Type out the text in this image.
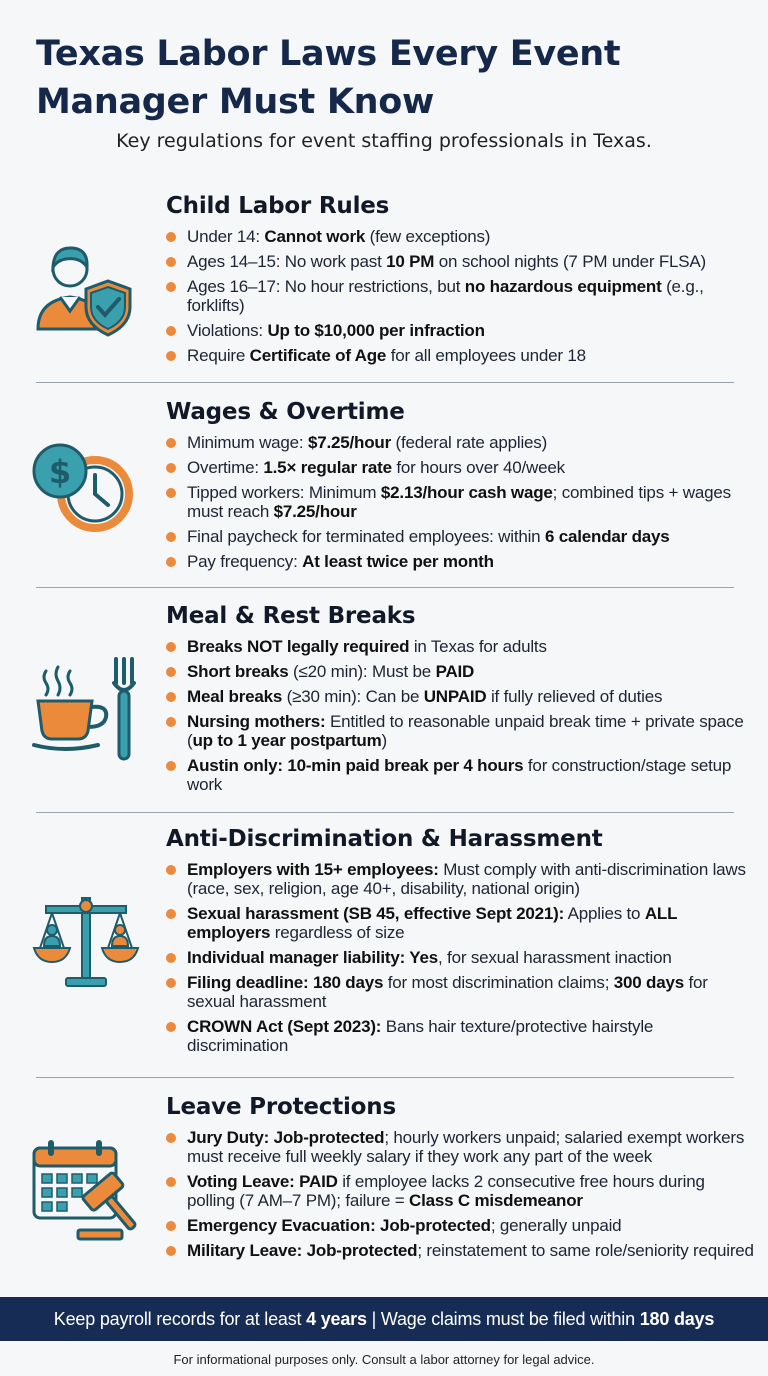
Texas Labor Laws Every Event Manager Must Know

Key regulations for event staffing professionals in Texas.

Child Labor Rules
Under 14: Cannot work (few exceptions)
Ages 14–15: No work past 10 PM on school nights (7 PM under FLSA)
Ages 16–17: No hour restrictions, but no hazardous equipment (e.g., forklifts)
Violations: Up to $10,000 per infraction
Require Certificate of Age for all employees under 18
Wages & Overtime
$
Minimum wage: $7.25/hour (federal rate applies)
Overtime: 1.5× regular rate for hours over 40/week
Tipped workers: Minimum $2.13/hour cash wage; combined tips + wages must reach $7.25/hour
Final paycheck for terminated employees: within 6 calendar days
Pay frequency: At least twice per month
Meal & Rest Breaks
Breaks NOT legally required in Texas for adults
Short breaks (≤20 min): Must be PAID
Meal breaks (≥30 min): Can be UNPAID if fully relieved of duties
Nursing mothers: Entitled to reasonable unpaid break time + private space (up to 1 year postpartum)
Austin only: 10-min paid break per 4 hours for construction/stage setup work
Anti-Discrimination & Harassment
Employers with 15+ employees: Must comply with anti-discrimination laws (race, sex, religion, age 40+, disability, national origin)
Sexual harassment (SB 45, effective Sept 2021): Applies to ALL employers regardless of size
Individual manager liability: Yes, for sexual harassment inaction
Filing deadline: 180 days for most discrimination claims; 300 days for sexual harassment
CROWN Act (Sept 2023): Bans hair texture/protective hairstyle discrimination
Leave Protections
Jury Duty: Job-protected; hourly workers unpaid; salaried exempt workers must receive full weekly salary if they work any part of the week
Voting Leave: PAID if employee lacks 2 consecutive free hours during polling (7 AM–7 PM); failure = Class C misdemeanor
Emergency Evacuation: Job-protected; generally unpaid
Military Leave: Job-protected; reinstatement to same role/seniority required
Keep payroll records for at least 4 years | Wage claims must be filed within 180 days
For informational purposes only. Consult a labor attorney for legal advice.
